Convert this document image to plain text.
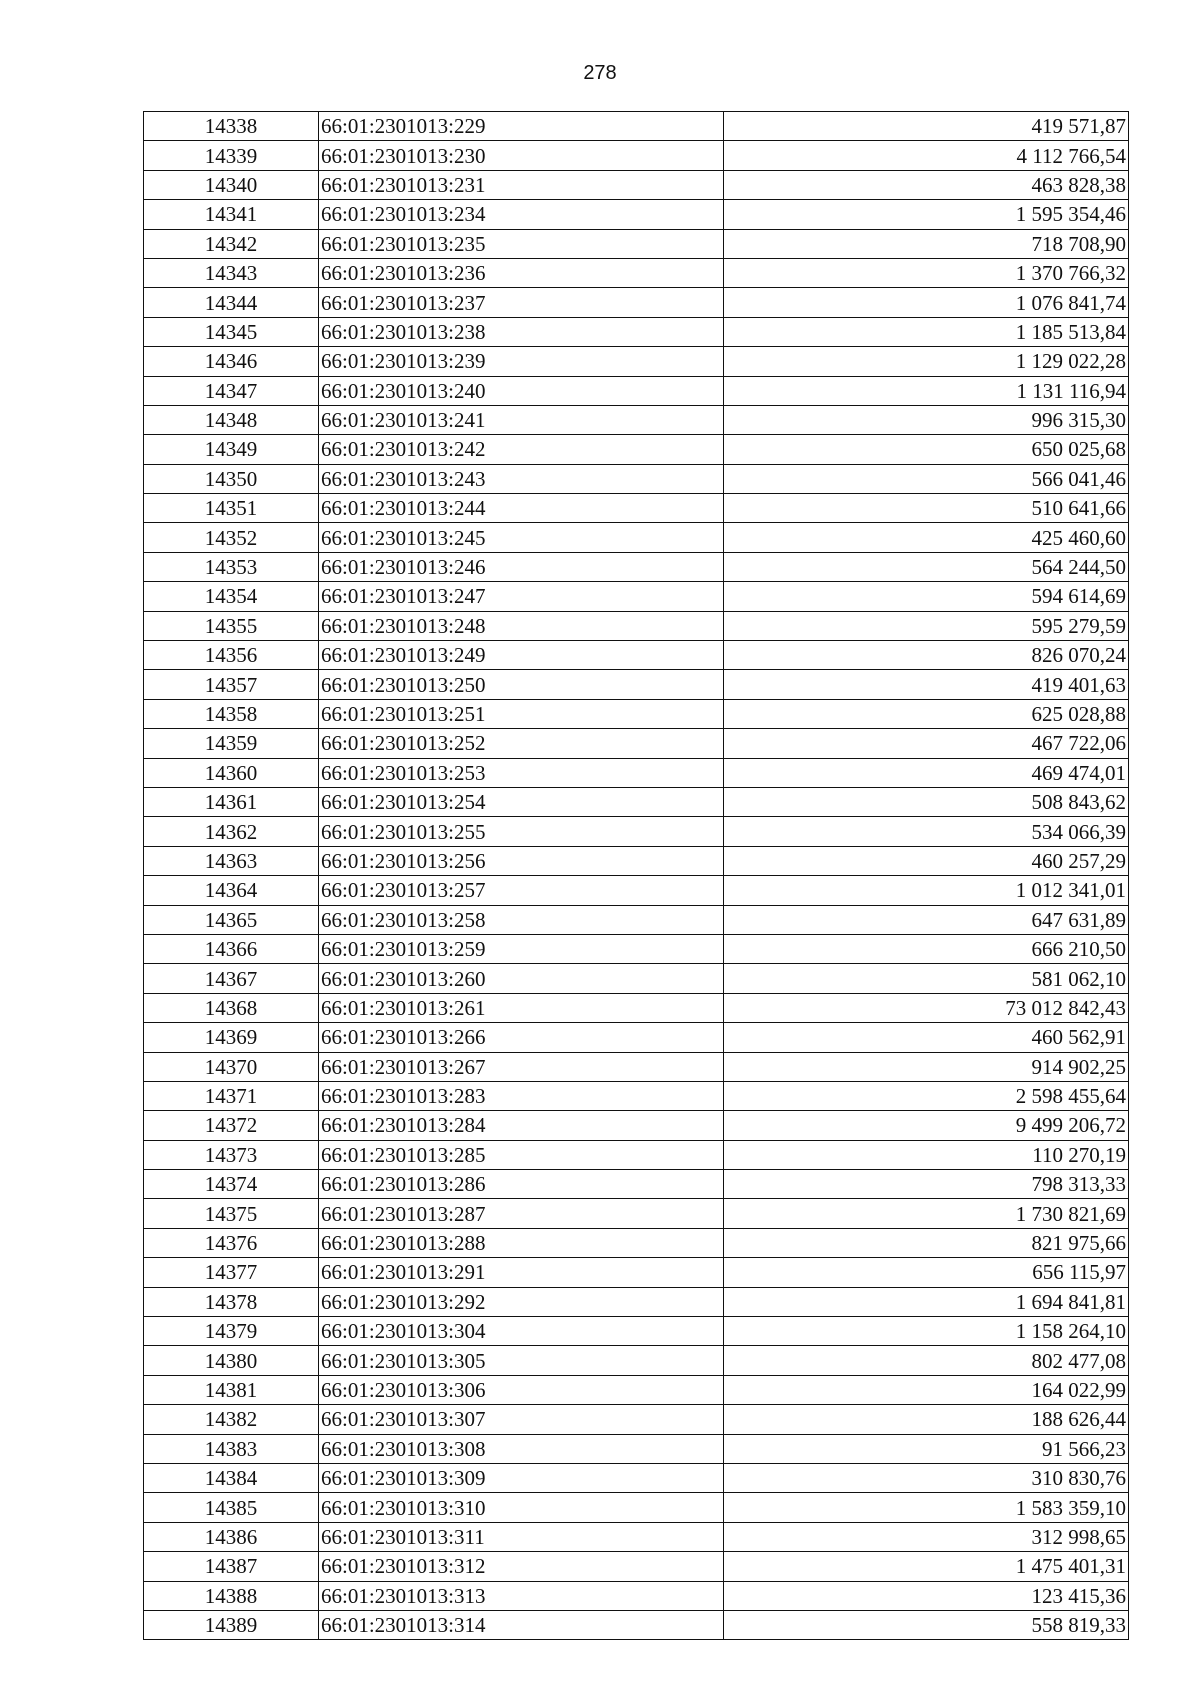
278
14338	66:01:2301013:229	419 571,87
14339	66:01:2301013:230	4 112 766,54
14340	66:01:2301013:231	463 828,38
14341	66:01:2301013:234	1 595 354,46
14342	66:01:2301013:235	718 708,90
14343	66:01:2301013:236	1 370 766,32
14344	66:01:2301013:237	1 076 841,74
14345	66:01:2301013:238	1 185 513,84
14346	66:01:2301013:239	1 129 022,28
14347	66:01:2301013:240	1 131 116,94
14348	66:01:2301013:241	996 315,30
14349	66:01:2301013:242	650 025,68
14350	66:01:2301013:243	566 041,46
14351	66:01:2301013:244	510 641,66
14352	66:01:2301013:245	425 460,60
14353	66:01:2301013:246	564 244,50
14354	66:01:2301013:247	594 614,69
14355	66:01:2301013:248	595 279,59
14356	66:01:2301013:249	826 070,24
14357	66:01:2301013:250	419 401,63
14358	66:01:2301013:251	625 028,88
14359	66:01:2301013:252	467 722,06
14360	66:01:2301013:253	469 474,01
14361	66:01:2301013:254	508 843,62
14362	66:01:2301013:255	534 066,39
14363	66:01:2301013:256	460 257,29
14364	66:01:2301013:257	1 012 341,01
14365	66:01:2301013:258	647 631,89
14366	66:01:2301013:259	666 210,50
14367	66:01:2301013:260	581 062,10
14368	66:01:2301013:261	73 012 842,43
14369	66:01:2301013:266	460 562,91
14370	66:01:2301013:267	914 902,25
14371	66:01:2301013:283	2 598 455,64
14372	66:01:2301013:284	9 499 206,72
14373	66:01:2301013:285	110 270,19
14374	66:01:2301013:286	798 313,33
14375	66:01:2301013:287	1 730 821,69
14376	66:01:2301013:288	821 975,66
14377	66:01:2301013:291	656 115,97
14378	66:01:2301013:292	1 694 841,81
14379	66:01:2301013:304	1 158 264,10
14380	66:01:2301013:305	802 477,08
14381	66:01:2301013:306	164 022,99
14382	66:01:2301013:307	188 626,44
14383	66:01:2301013:308	91 566,23
14384	66:01:2301013:309	310 830,76
14385	66:01:2301013:310	1 583 359,10
14386	66:01:2301013:311	312 998,65
14387	66:01:2301013:312	1 475 401,31
14388	66:01:2301013:313	123 415,36
14389	66:01:2301013:314	558 819,33
